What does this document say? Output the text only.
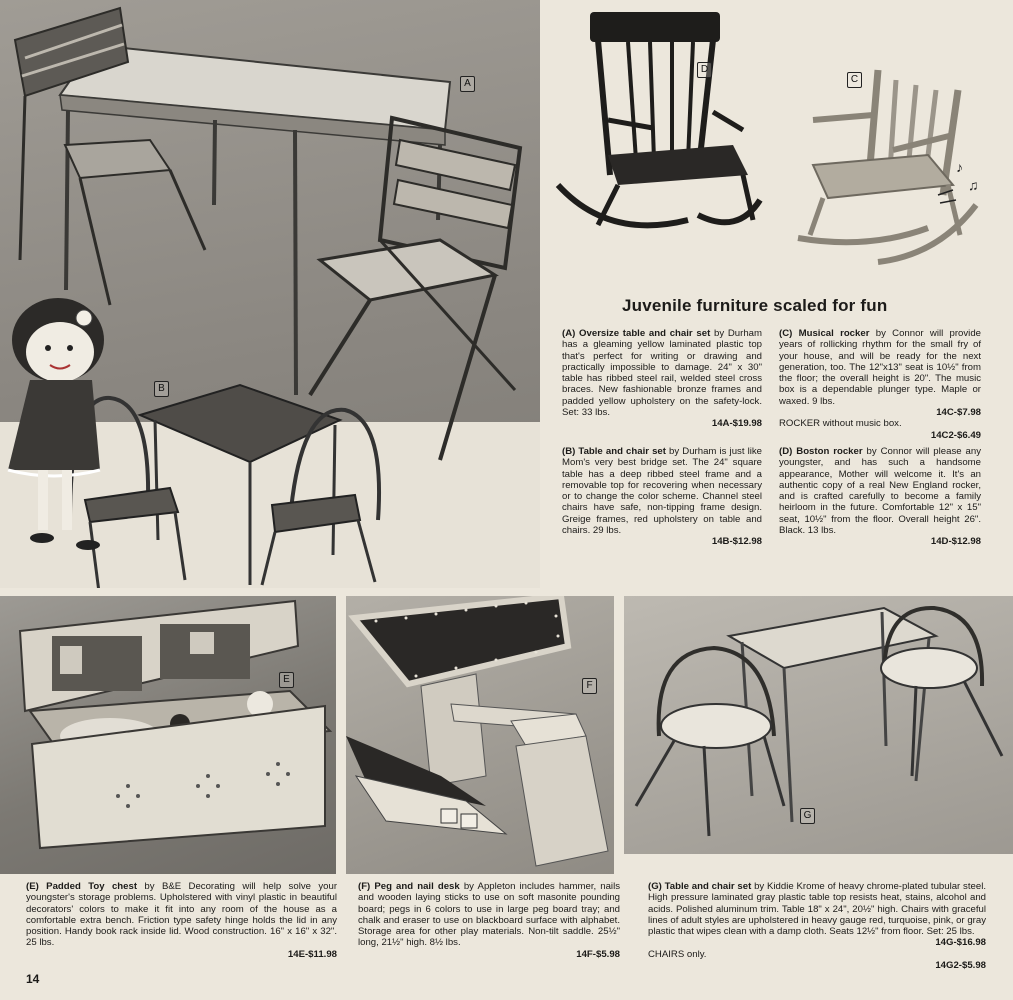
A
B
♪
♫
D
C
Juvenile furniture scaled for fun

(A) Oversize table and chair set by Durham has a gleaming yellow laminated plastic top that's perfect for writing or drawing and practically impossible to damage. 24" x 30" table has ribbed steel rail, welded steel cross braces. New fashionable bronze frames and padded yellow upholstery on the safety-lock. Set: 33 lbs.
14A-$19.98

(B) Table and chair set by Durham is just like Mom's very best bridge set. The 24" square table has a deep ribbed steel frame and a removable top for recovering when necessary or to change the color scheme. Channel steel chairs have safe, non-tipping frame design. Greige frames, red upholstery on table and chairs. 29 lbs.
14B-$12.98

(C) Musical rocker by Connor will provide years of rollicking rhythm for the small fry of your house, and will be ready for the next generation, too. The 12"x13" seat is 10½" from the floor; the overall height is 20". The music box is a dependable plunger type. Maple or waxed. 9 lbs.
14C-$7.98
ROCKER without music box.
14C2-$6.49

(D) Boston rocker by Connor will please any youngster, and has such a handsome appearance, Mother will welcome it. It's an authentic copy of a real New England rocker, and is crafted carefully to become a family heirloom in the future. Comfortable 12" x 15" seat, 10½" from the floor. Overall height 26". Black. 13 lbs.
14D-$12.98

E
F
G

(E) Padded Toy chest by B&E Decorating will help solve your youngster's storage problems. Upholstered with vinyl plastic in beautiful decorators' colors to make it fit into any room of the house as a comfortable extra bench. Friction type safety hinge holds the lid in any position. Handy book rack inside lid. Wood construction. 16" x 16" x 32". 25 lbs.
14E-$11.98

(F) Peg and nail desk by Appleton includes hammer, nails and wooden laying sticks to use on soft masonite pounding board; pegs in 6 colors to use in large peg board tray; and chalk and eraser to use on blackboard surface with alphabet. Storage area for other play materials. Non-tilt saddle. 25½" long, 21½" high. 8½ lbs.
14F-$5.98

(G) Table and chair set by Kiddie Krome of heavy chrome-plated tubular steel. High pressure laminated gray plastic table top resists heat, stains, alcohol and acids. Polished aluminum trim. Table 18" x 24", 20½" high. Chairs with graceful lines of adult styles are upholstered in heavy gauge red, turquoise, pink, or gray plastic that wipes clean with a damp cloth. Seats 12½" from floor. Set: 25 lbs.
14G-$16.98
CHAIRS only.
14G2-$5.98

14
